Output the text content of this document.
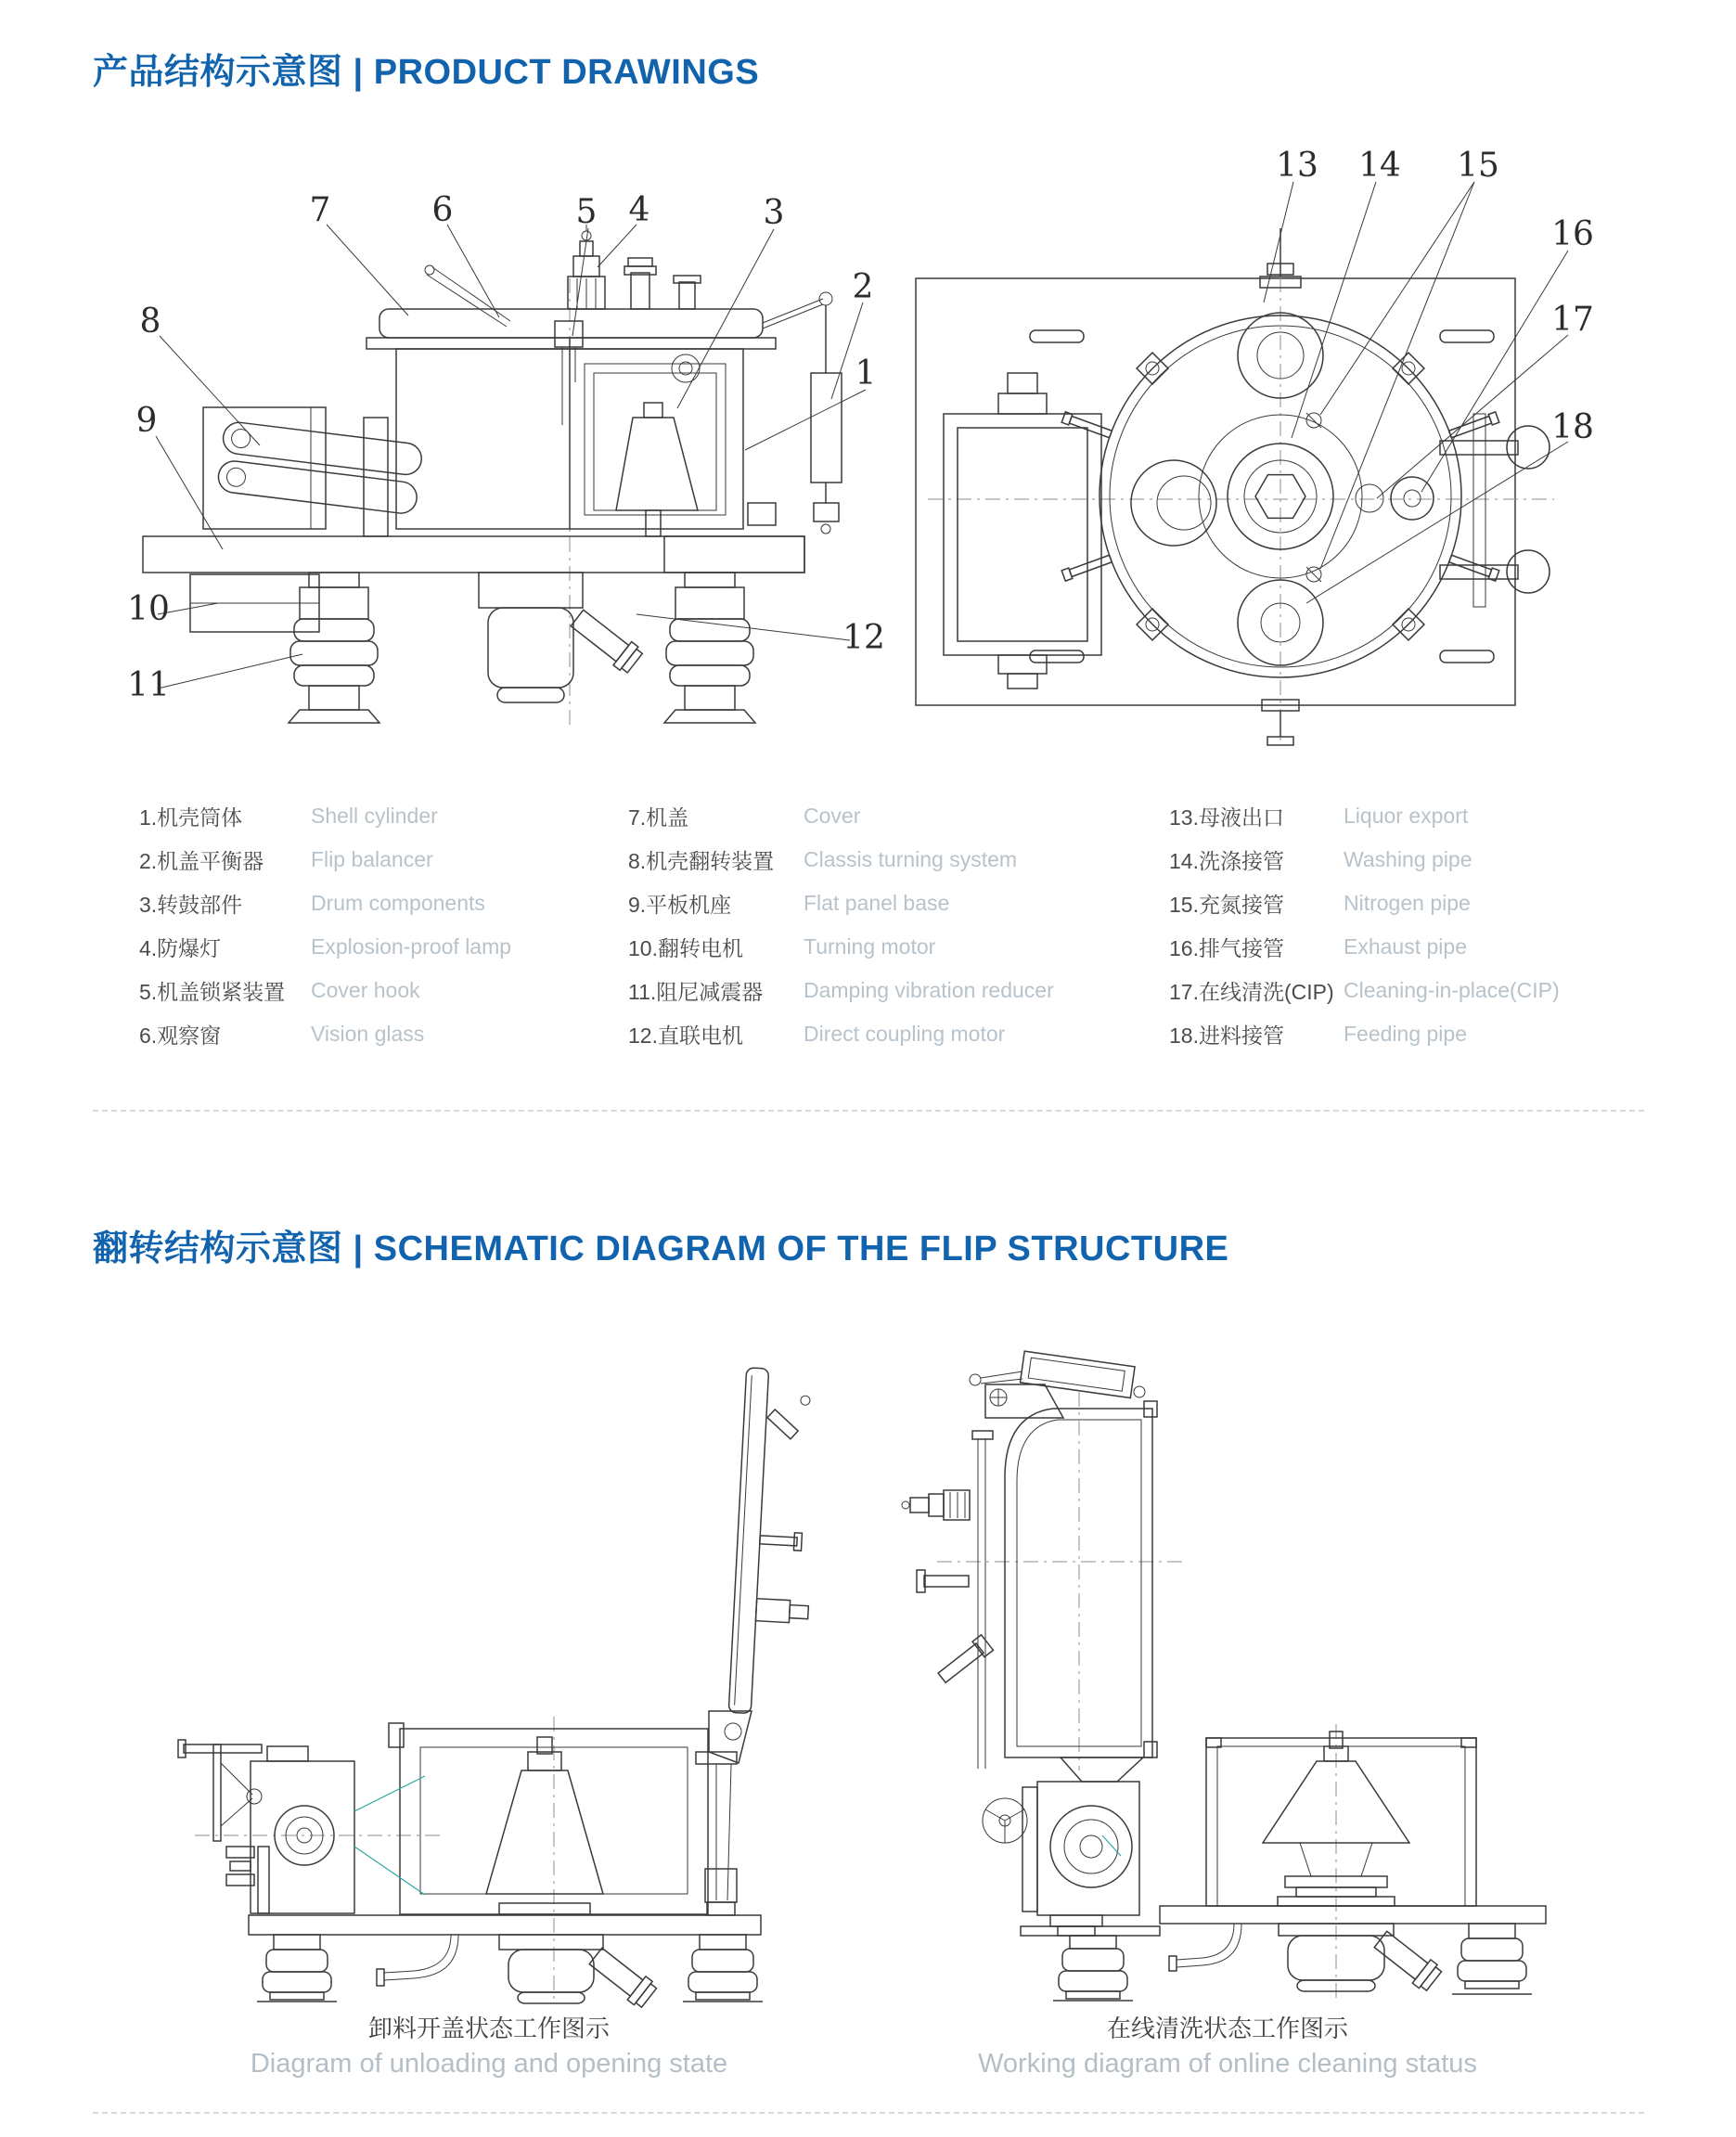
产品结构示意图 | PRODUCT DRAWINGS
7	6	5 4	3
2
1
8
9
10
11
12
13 14 15
16
17
18
1.机壳筒体	Shell cylinder
2.机盖平衡器	Flip balancer
3.转鼓部件	Drum components
4.防爆灯	Explosion-proof lamp
5.机盖锁紧装置	Cover hook
6.观察窗	Vision glass
7.机盖	Cover
8.机壳翻转装置	Classis turning system
9.平板机座	Flat panel base
10.翻转电机	Turning motor
11.阻尼减震器	Damping vibration reducer
12.直联电机	Direct coupling motor
13.母液出口	Liquor export
14.洗涤接管	Washing pipe
15.充氮接管	Nitrogen pipe
16.排气接管	Exhaust pipe
17.在线清洗(CIP) Cleaning-in-place(CIP)
18.进料接管	Feeding pipe
翻转结构示意图 | SCHEMATIC DIAGRAM OF THE FLIP STRUCTURE
卸料开盖状态工作图示
Diagram of unloading and opening state
在线清洗状态工作图示
Working diagram of online cleaning status
